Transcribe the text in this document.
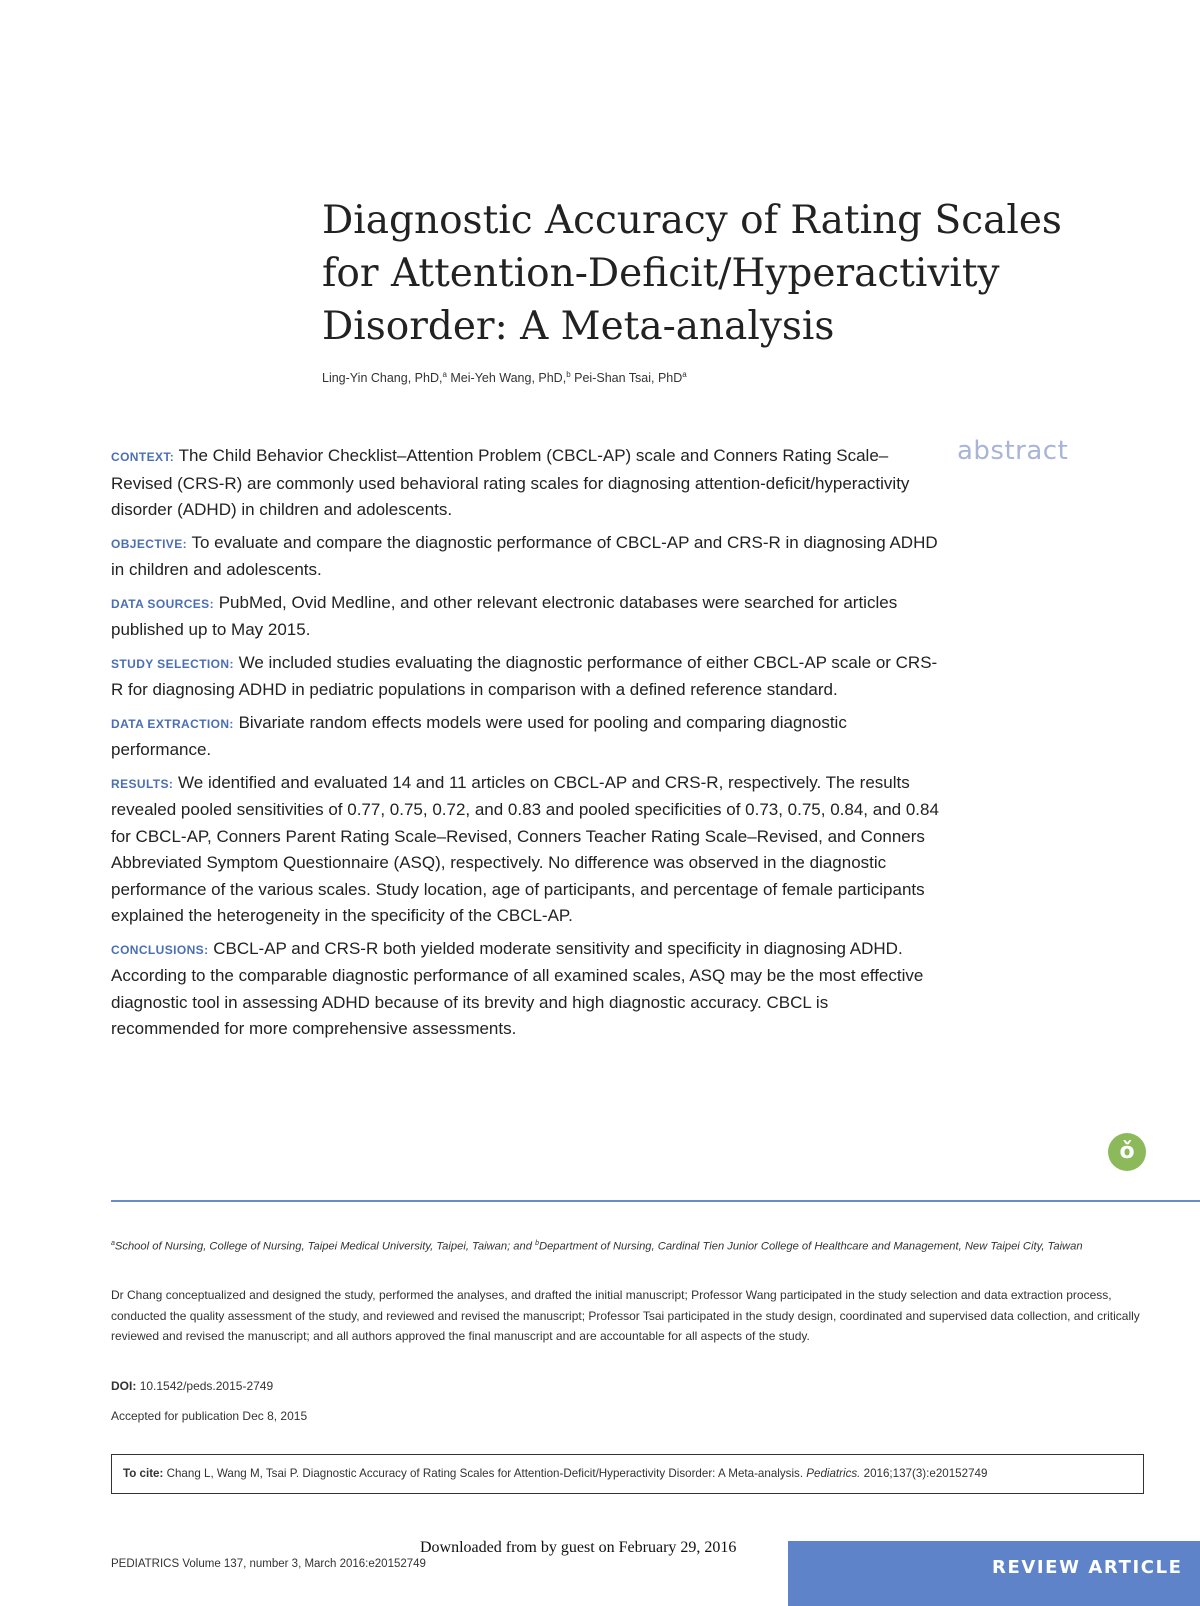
Diagnostic Accuracy of Rating Scales
for Attention-Deficit/Hyperactivity
Disorder: A Meta-analysis

Ling-Yin Chang, PhD,$^a$ Mei-Yeh Wang, PhD,$^b$ Pei-Shan Tsai, PhD$^a$

abstract

CONTEXT: The Child Behavior Checklist–Attention Problem (CBCL-AP) scale and Conners Rating Scale–Revised (CRS-R) are commonly used behavioral rating scales for diagnosing attention-deficit/hyperactivity disorder (ADHD) in children and adolescents.

OBJECTIVE: To evaluate and compare the diagnostic performance of CBCL-AP and CRS-R in diagnosing ADHD in children and adolescents.

DATA SOURCES: PubMed, Ovid Medline, and other relevant electronic databases were searched for articles published up to May 2015.

STUDY SELECTION: We included studies evaluating the diagnostic performance of either CBCL-AP scale or CRS-R for diagnosing ADHD in pediatric populations in comparison with a defined reference standard.

DATA EXTRACTION: Bivariate random effects models were used for pooling and comparing diagnostic performance.

RESULTS: We identified and evaluated 14 and 11 articles on CBCL-AP and CRS-R, respectively. The results revealed pooled sensitivities of 0.77, 0.75, 0.72, and 0.83 and pooled specificities of 0.73, 0.75, 0.84, and 0.84 for CBCL-AP, Conners Parent Rating Scale–Revised, Conners Teacher Rating Scale–Revised, and Conners Abbreviated Symptom Questionnaire (ASQ), respectively. No difference was observed in the diagnostic performance of the various scales. Study location, age of participants, and percentage of female participants explained the heterogeneity in the specificity of the CBCL-AP.

CONCLUSIONS: CBCL-AP and CRS-R both yielded moderate sensitivity and specificity in diagnosing ADHD. According to the comparable diagnostic performance of all examined scales, ASQ may be the most effective diagnostic tool in assessing ADHD because of its brevity and high diagnostic accuracy. CBCL is recommended for more comprehensive assessments.

ǒ

$^a$School of Nursing, College of Nursing, Taipei Medical University, Taipei, Taiwan; and $^b$Department of Nursing, Cardinal Tien Junior College of Healthcare and Management, New Taipei City, Taiwan

Dr Chang conceptualized and designed the study, performed the analyses, and drafted the initial manuscript; Professor Wang participated in the study selection and data extraction process, conducted the quality assessment of the study, and reviewed and revised the manuscript; Professor Tsai participated in the study design, coordinated and supervised data collection, and critically reviewed and revised the manuscript; and all authors approved the final manuscript and are accountable for all aspects of the study.

DOI: 10.1542/peds.2015-2749

Accepted for publication Dec 8, 2015

To cite: Chang L, Wang M, Tsai P. Diagnostic Accuracy of Rating Scales for Attention-Deficit/Hyperactivity Disorder: A Meta-analysis. Pediatrics. 2016;137(3):e20152749
Downloaded from by guest on February 29, 2016
PEDIATRICS Volume 137, number 3, March 2016:e20152749	REVIEW ARTICLE
